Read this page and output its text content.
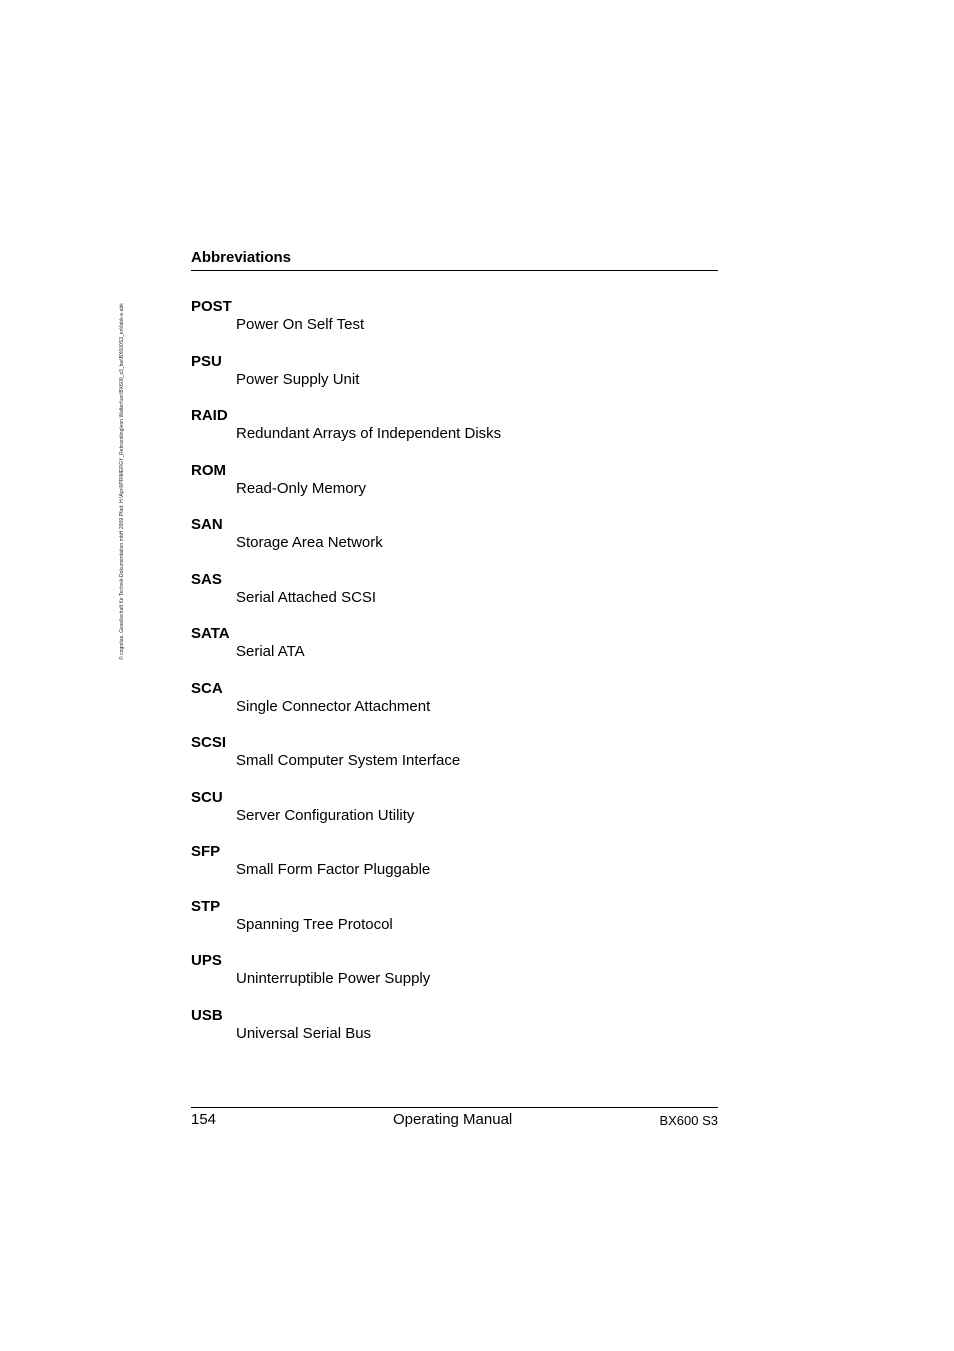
© cognitas. Gesellschaft für Technik-Dokumentation mbH 2009 Pfad: H:\April\PRIMERGY_Rebranding\von Walterfuer\BX600_s3_bw\BX600S3_en\fabk-e.abk
Abbreviations
POST
Power On Self Test
PSU
Power Supply Unit
RAID
Redundant Arrays of Independent Disks
ROM
Read-Only Memory
SAN
Storage Area Network
SAS
Serial Attached SCSI
SATA
Serial ATA
SCA
Single Connector Attachment
SCSI
Small Computer System Interface
SCU
Server Configuration Utility
SFP
Small Form Factor Pluggable
STP
Spanning Tree Protocol
UPS
Uninterruptible Power Supply
USB
Universal Serial Bus
154	Operating Manual	BX600 S3
